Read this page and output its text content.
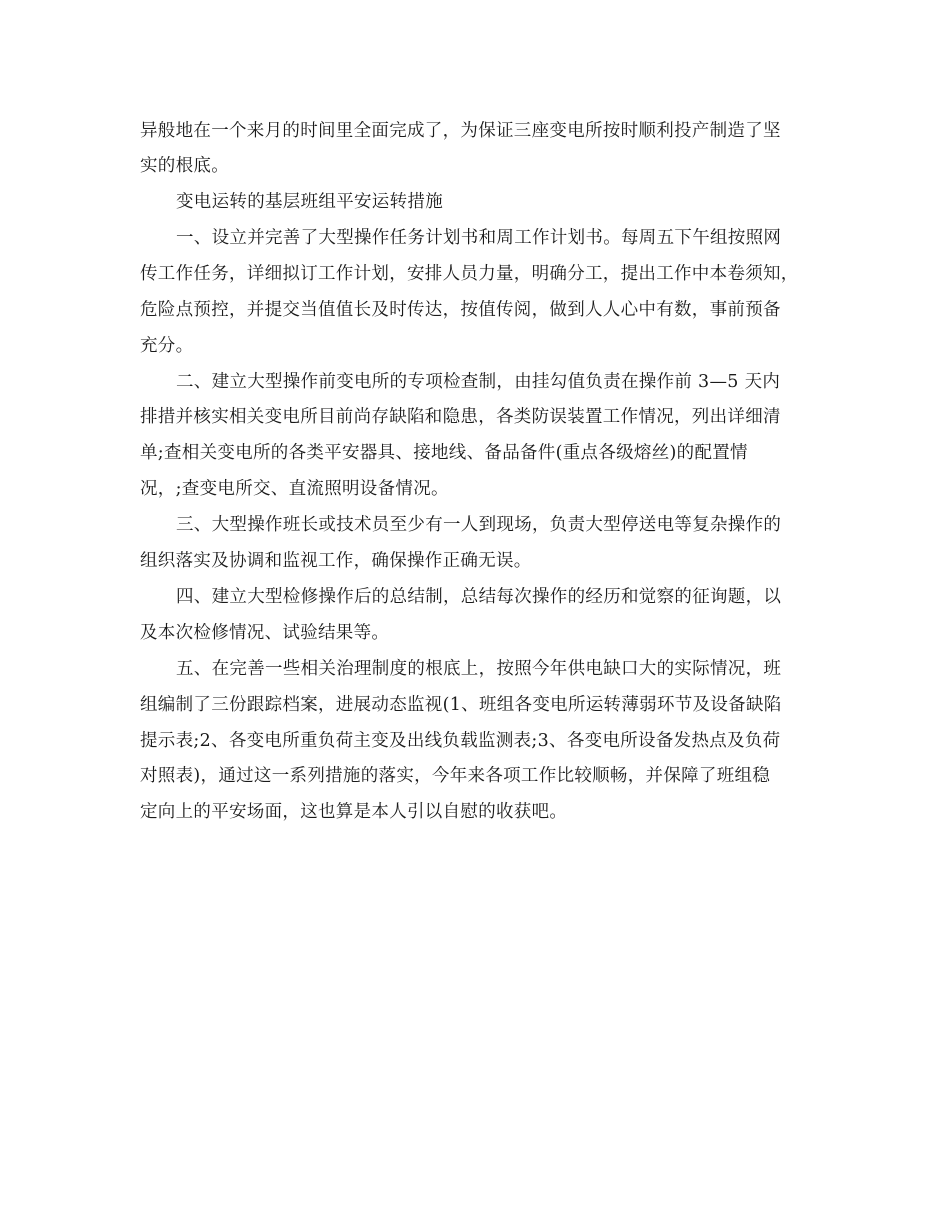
异般地在一个来月的时间里全面完成了，为保证三座变电所按时顺利投产制造了坚
实的根底。
变电运转的基层班组平安运转措施
一、设立并完善了大型操作任务计划书和周工作计划书。每周五下午组按照网
传工作任务，详细拟订工作计划，安排人员力量，明确分工，提出工作中本卷须知，
危险点预控，并提交当值值长及时传达，按值传阅，做到人人心中有数，事前预备
充分。
二、建立大型操作前变电所的专项检查制，由挂勾值负责在操作前 3—5 天内
排措并核实相关变电所目前尚存缺陷和隐患，各类防误装置工作情况，列出详细清
单;查相关变电所的各类平安器具、接地线、备品备件(重点各级熔丝)的配置情
况，;查变电所交、直流照明设备情况。
三、大型操作班长或技术员至少有一人到现场，负责大型停送电等复杂操作的
组织落实及协调和监视工作，确保操作正确无误。
四、建立大型检修操作后的总结制，总结每次操作的经历和觉察的征询题，以
及本次检修情况、试验结果等。
五、在完善一些相关治理制度的根底上，按照今年供电缺口大的实际情况，班
组编制了三份跟踪档案，进展动态监视(1、班组各变电所运转薄弱环节及设备缺陷
提示表;2、各变电所重负荷主变及出线负载监测表;3、各变电所设备发热点及负荷
对照表)，通过这一系列措施的落实，今年来各项工作比较顺畅，并保障了班组稳
定向上的平安场面，这也算是本人引以自慰的收获吧。
